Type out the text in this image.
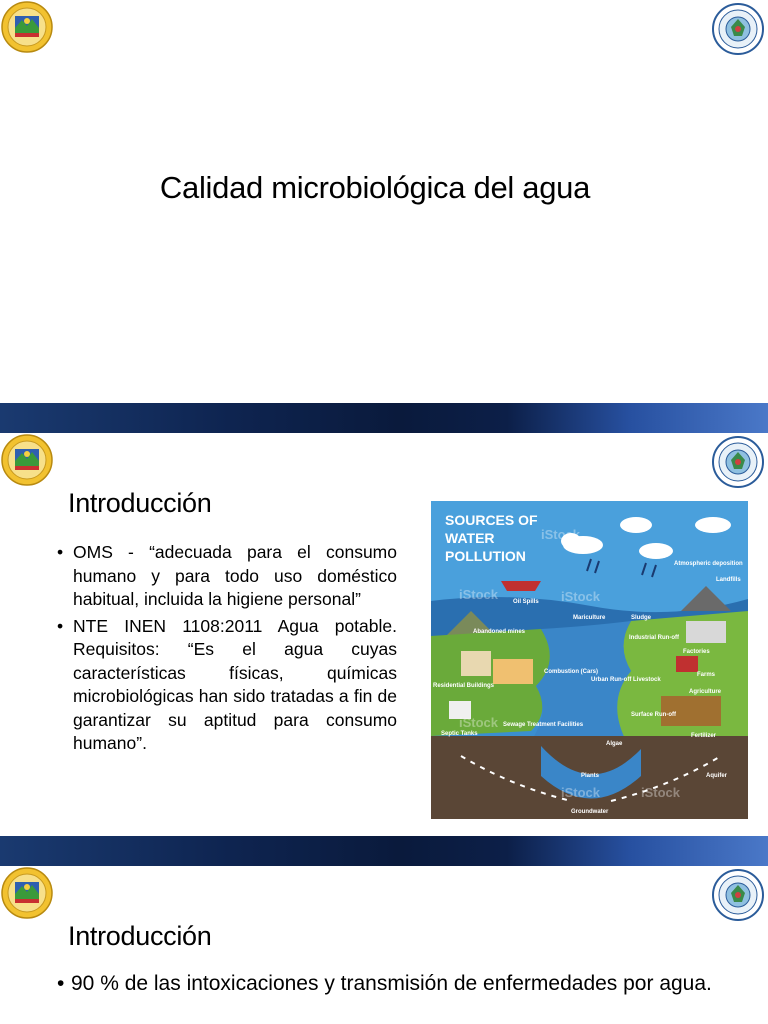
Calidad microbiológica del agua
Introducción
• OMS - “adecuada para el consumo humano y para todo uso doméstico habitual, incluida la higiene personal”
• NTE INEN 1108:2011 Agua potable. Requisitos: “Es el agua cuyas características físicas, químicas microbiológicas han sido tratadas a fin de garantizar su aptitud para consumo humano”.
SOURCES OF
WATER
POLLUTION
Oil Spills
Abandoned mines
Mariculture	Sludge
Industrial Run-off
Factories
Atmospheric deposition
Landfills
Residential Buildings
Combustion (Cars)
Urban Run-off Livestock
Farms
Agriculture
Sewage Treatment Facilities
Surface Run-off
Fertilizer
Septic Tanks
Algae
Plants	Aquifer
Groundwater
iStock
iStock	iStock
iStock
iStock	iStock
Introducción
• 90 % de las intoxicaciones y transmisión de enfermedades por agua.
